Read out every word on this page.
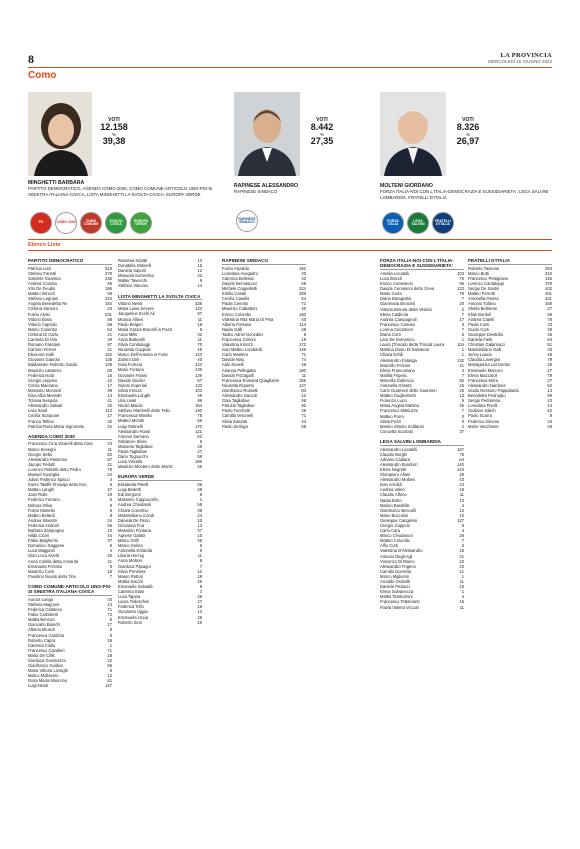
8	LA PROVINCIA
MERCOLEDÌ 15 GIUGNO 2022
Como
VOTI
12.158
%
39,38
MINGHETTI BARBARA
PARTITO DEMOCRATICO, AGENDA COMO 2030, COMO COMUNE-ARTICOLO UNO-PSI-SI SINISTRA ITALIANA-CIVICA, LISTA MINGHETTI LA SVOLTA CIVICA, EUROPA VERDE
PD	COMO 2030	COMO COMUNE
SVOLTA CIVICA
EUROPA VERDE
VOTI
8.442
%
27,35
RAPINESE ALESSANDRO
RAPINESE SINDACO
RAPINESE SINDACO
VOTI
8.326
%
26,97
MOLTENI GIORDANO
FORZA ITALIA-NOI CON L'ITALIA-DEMOCRAZIA E SUSSIDIARIETA', LEGA SALVINI LOMBARDIA, FRATELLI D'ITALIA
FORZA ITALIA
LEGA SALVINI
FRATELLI D'ITALIA
Elenco Liste
PARTITO DEMOCRATICO
Patrizia Lissi	519
Stefano Fanetti	278
Gabriele Guarisco	236
Andrea Crosato	86
Vito De Feudis	156
Matteo Introzzi	69
Stefano Legnani	224
Angela Benedetta Re	184
Cristina Sanvico	23
Fulvio Alvisi	231
Vittorio Bosio	88
Vittorio Capriolo	66
Marco Colombo	54
Cristina Di Carlo	41
Carmela Di Vita	29
Romano Fasciani	87
Carmen Ferreri	21
Eleonora Galli	162
Giovanni Gianola	138
Baldassare Roberto Guida	138
Maurizio Lattanzio	80
Federica Isola	15
Giorgio Leppino	42
Cinzia Maiorano	17
Massimo Morosoli	39
Dina Alba Mensah	14
Tiziana Nespola	41
Alessandro Salvati	32
Livia Sardi	112
Cecilia Scarpone	17
Franca Tellina	32
Patrizia Rosa Maria Signorotto	42
AGENDA COMO 2030
Francesco Cina Vivarelli detto Cina	23
Marco Sevegni	11
Giorgio Sella	62
Alessandra Pastorino	57
Jacopo Pedotti	21
Lorenzo Pedretti detto Pedro	79
Manuel Guariglia	24
Julian Federico Spacci	4
Karim Tawfik Khouaja detto Kiro	6
Matteo Langhi	47
Joan Rolle	19
Federico Ferrario	5
Debora Oliva	9
Fulvio Martello	5
Matteo Belardi	8
Andrea Silvestri	34
Federica Andrioli	56
Barbara Zampogna	10
Hilda Ciceri	44
Fabio Balgherini	37
Domenico Saggese	6
Luca Maggioni	4
Gian Luca Alverti	40
Anna Colella detta Annarita	21
Emanuela Ferrario	9
Maurizio Conti	16
Faustino Novati detto Tino	7
COMO COMUNE-ARTICOLO UNO-PSI-SI SINISTRA ITALIANA-CIVICA
Aurora Longo	34
Stefano Magnoni	14
Federica Cattaneo	71
Fabio Calimberti	72
Mattia Benzoni	5
Giancarlo Bianchi	17
Alberto Brusch	9
Francesca Cambria	5
Roberto Capra	19
Caterina Ciullo	1
Francesco Cavalleri	71
Maria De Cillis	18
Gianluca Giovinazzo	22
Gianfranco Guidice	56
Maria Vittoria Livraghi	6
Marco Mollavero	12
Rosa Maria Moscrino	61
Luigi Nessi	147
Rossana Novati	13
Donatella Ostinelli	16
Daniela Saporii	12
Manuela Sorrentino	42
Walter Tavecchi	5
Stefano Vaccaro	14
LISTA MINGHETTI LA SVOLTA CIVICA
Vittorio Nessi	228
Maria Luisa Severa	123
Jacqueline Ecchi Ali	87
Monica Allievi	11
Paolo Belgeri	18
Maria Grazia Brunelli in Pozzi	9
Anna Mills	32
Anna Butturelli	11
Silvia Condoluggi	70
Nicoletta Coppola	45
Marco Dell'Antonia in Forte	143
Zamiro Dini	40
Gaia Fortuna	123
Mario Fortuna	136
Giovanni Frassi	139
Davide Giudici	57
Gianni Imperiali	133
Silvia Introzzi	103
Emanuela Langhi	49
Lilia Livati	96
Nicolò Maiolo	154
Stefano Martinelli detto Tebo	140
Francesca Minella	75
Matteo Morotti	59
Luigi Ostinelli	170
Alessandro Rossi	121
Antonio Sarnano	62
Salvatore Silvia	6
Manuela Tagliabue	28
Paola Tagliabue	27
Dario Tognocchi	59
Luca Viscella	186
Maurizio Montero detto Moritz	46
EUROPA VERDE
Elisabetta Pelelli	86
Luigi Bedetti	28
Edi Bergonzi	8
Massimo Cappuccello	1
Andrea Chiodaroli	58
Chiara Colombo	38
Massimiliano Condi	24
Daniela De Fazio	10
Giovanna Foa	13
Massimo Fontana	37
Agnese Galata	10
Marco Grilli	35
Marco Gelina	6
Antonella Grilanda	0
Liliana Herzog	11
Anna Molteni	8
Gianluca Papagni	7
Silvio Previtera	12
Mauro Rottoli	18
Mattia Sacchi	26
Emanuele Salvadè	9
Caterina Stasi	3
Luca Tajana	28
Laura Tedeschini	27
Federica Tolfo	18
Giovanna Uggia	13
Emanuela Uccia	25
Roberto Zeni	10
RAPINESE SINDACO
Fulvio Anzaldo	162
Loredana Avogadro	30
Caterina Bellesso	42
Davide Bernasconi	69
Michele Cappelletti	224
Emilio Casali	208
Cecilia Casella	64
Paola Cenetto	71
Maurizio Ciabattoni	40
Enrico Colombo	150
Valentina Rita Maria Di Pisa	40
Alberto Fontana	114
Nadia Galli	29
Tadeo Adriel Gonzalez	8
Francesca Grisoni	19
Valentina Introzzi	172
Ivan Matteo Lombardi	149
Carlo Mantero	71
Davide Nisu	74
Aldo Novelli	46
Arianna Pellegatta	180
Davide Pizzagalli	11
Francesca Romana Quagliarini	155
Nicoletta Roperto	127
Gianfranco Rossetti	84
Alessandro Saccoli	12
Gaia Tagliabue	56
Patrizia Tagliabue	92
Paolo Tocchetti	35
Camilla Veronelli	71
Silvia Zanotta	44
Paolo Zeringa	68
FORZA ITALIA-NOI CON L'ITALIA-DEMOCRAZIA E SUSSIDIARIETA'
Amelia Locatelli	103
Luca Biondi	76
Enrico Centemero	95
Davide Cervasoni detto Geva	123
Mario Gorla	79
Diana Baragiotta	7
Gianmaria Bronzini	20
Vittoria Brenna detta Vittoria	2
Elena Caldirola	7
Andrea Campagnoli	17
Francesco Caresia	0
Lorena Cecamore	7
Diana Corti	5
Lara De Domenico	1
Laura (Trincali) detta Trincali Laura	104
Martina Dosio Di Salvatore	1
Chiara Echili	1
Alessandro Falanga	132
Marcello Ferrara	21
Elena Francomano	4
Marilla Frigerio	7
Marcella Galleccio	82
Antonella Grisetti	15
Carlo Guarnieri detto Guarnieri	25
Matteo Guglielmetti	13
Fiorenzo Lucci	6
Maria Angela Martino	35
Francesco Mattiuzzo	7
Matteo Porro	0
Silvia Pozzi	0
Marino Vittorio Soldarini	2
Concetta Scortato	37
LEGA SALVINI LOMBARDIA
Alessandro Locatelli	157
Claudio Borghi	75
Adriano Caldara	64
Alessandro Bondurri	140
Elena Negretti	143
Giampiero Aliani	25
Alessandro Molteni	43
Ivan Arnoldi	24
Andrea Valeri	19
Claudio Alfono	11
Nadia Boho	13
Marino Bardella	4
Gianmarco Beccalli	12
Mario Buccolini	10
Giuseppe Cangelosi	127
Giorgio Capponi	6
Carlo Cara	4
Marco Chiodaroni	26
Matteo Colombo	7
Alfio Corti	3
Valentina D'Alessandro	15
Antonio Degli Agli	21
Vincenzo Di Marco	22
Alessandro Frigerio	10
Camilla Gueretta	21
Marco Migliorini	1
Arnaldo Ostinelli	11
Daniele Pedacci	10
Elena Salvanecca	1
Mattia Tambornini	4
Francesco Tettamanti	15
Flavia Valeria Vicconi	11
FRATELLI D'ITALIA
Roberto Tassone	253
Marco Butti	210
Francesco Pettignano	145
Lorenzo Cantaluppi	378
Sergio De Santis	102
Matteo Ferretti	201
Antonella Patera	101
Antonio Tufano	349
Sheila Beltrame	27
Elias Bordoli	56
Andrea Catelli	78
Paola Conti	33
Guido Corti	38
Giuseppe Devitella	46
Daniela Fasti	63
Christian Galantucci	51
Massimiliano Galli	33
Jenny Lauria	48
Claudia Lavergna	79
Mariagrazia Lazzarotto	28
Emanuele Marconi	27
Elena Mazzaroli	79
Francesca Mirra	27
Alessandro Nardone	62
Guido Nessuno Pappalardo	14
Benedetta Pedroglio	59
Sergio Pedreteria	43
Loredana Pivelli	14
Giuliano Salich	62
Paolo Scarra	9
Federico Simone	34
Mario Vecchione	49
